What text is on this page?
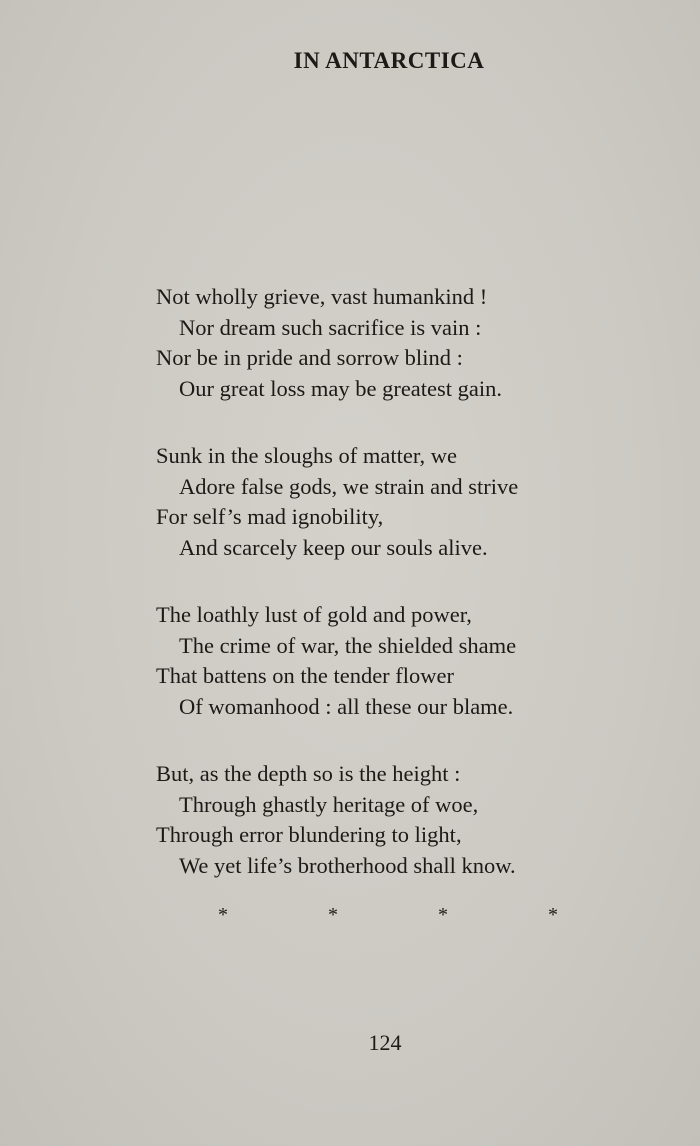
IN ANTARCTICA
Not wholly grieve, vast humankind !
Nor dream such sacrifice is vain :
Nor be in pride and sorrow blind :
Our great loss may be greatest gain.
Sunk in the sloughs of matter, we
Adore false gods, we strain and strive
For self’s mad ignobility,
And scarcely keep our souls alive.
The loathly lust of gold and power,
The crime of war, the shielded shame
That battens on the tender flower
Of womanhood : all these our blame.
But, as the depth so is the height :
Through ghastly heritage of woe,
Through error blundering to light,
We yet life’s brotherhood shall know.
*	*	*	*
124
